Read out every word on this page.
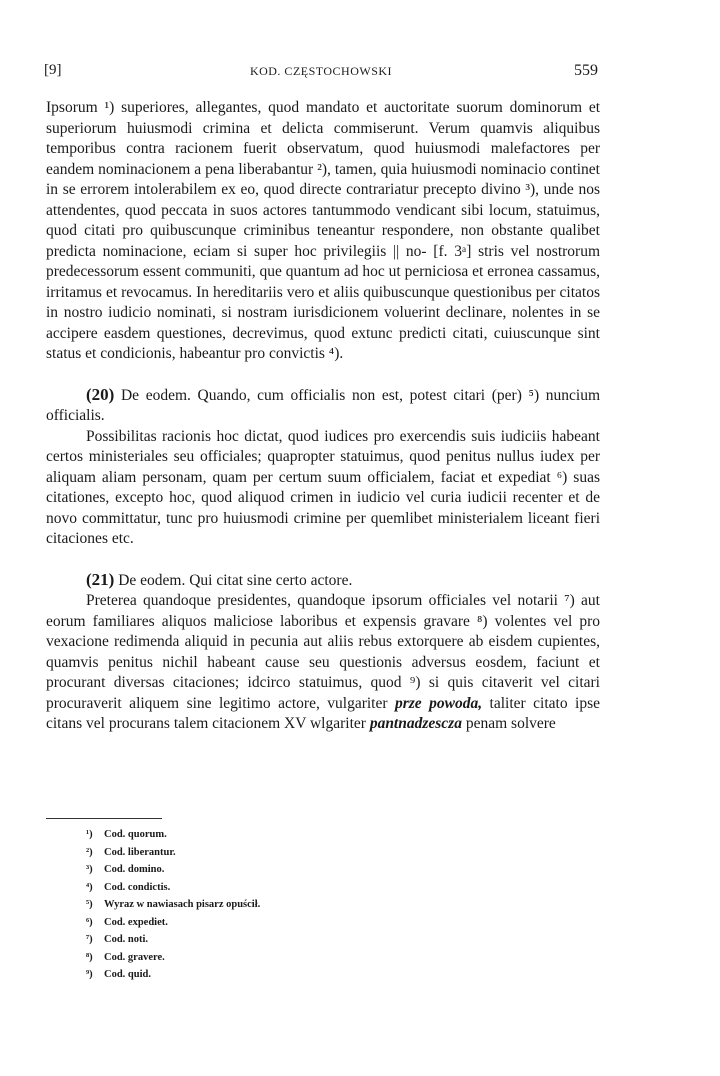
[9]	KOD. CZĘSTOCHOWSKI	559

Ipsorum ¹) superiores, allegantes, quod mandato et auctoritate suorum dominorum et superiorum huiusmodi crimina et delicta commiserunt. Verum quamvis aliquibus temporibus contra racionem fuerit observatum, quod huiusmodi malefactores per eandem nominacionem a pena liberabantur ²), tamen, quia huiusmodi nominacio continet in se errorem intolerabilem ex eo, quod directe contrariatur precepto divino ³), unde nos attendentes, quod peccata in suos actores tantummodo vendicant sibi locum, statuimus, quod citati pro quibuscunque criminibus teneantur respondere, non obstante qualibet predicta nominacione, eciam si super hoc privilegiis || no- [f. 3ᵃ] stris vel nostrorum predecessorum essent communiti, que quantum ad hoc ut perniciosa et erronea cassamus, irritamus et revocamus. In hereditariis vero et aliis quibuscunque questionibus per citatos in nostro iudicio nominati, si nostram iurisdicionem voluerint declinare, nolentes in se accipere easdem questiones, decrevimus, quod extunc predicti citati, cuiuscunque sint status et condicionis, habeantur pro convictis ⁴).

(20) De eodem. Quando, cum officialis non est, potest citari (per) ⁵) nuncium officialis.

Possibilitas racionis hoc dictat, quod iudices pro exercendis suis iudiciis habeant certos ministeriales seu officiales; quapropter statuimus, quod penitus nullus iudex per aliquam aliam personam, quam per certum suum officialem, faciat et expediat ⁶) suas citationes, excepto hoc, quod aliquod crimen in iudicio vel curia iudicii recenter et de novo committatur, tunc pro huiusmodi crimine per quemlibet ministerialem liceant fieri citaciones etc.

(21) De eodem. Qui citat sine certo actore.

Preterea quandoque presidentes, quandoque ipsorum officiales vel notarii ⁷) aut eorum familiares aliquos maliciose laboribus et expensis gravare ⁸) volentes vel pro vexacione redimenda aliquid in pecunia aut aliis rebus extorquere ab eisdem cupientes, quamvis penitus nichil habeant cause seu questionis adversus eosdem, faciunt et procurant diversas citaciones; idcirco statuimus, quod ⁹) si quis citaverit vel citari procuraverit aliquem sine legitimo actore, vulgariter prze powoda, taliter citato ipse citans vel procurans talem citacionem XV wlgariter pantnadzescza penam solvere

¹) Cod. quorum.
²) Cod. liberantur.
³) Cod. domino.
⁴) Cod. condictis.
⁵) Wyraz w nawiasach pisarz opuścił.
⁶) Cod. expediet.
⁷) Cod. noti.
⁸) Cod. gravere.
⁹) Cod. quid.
